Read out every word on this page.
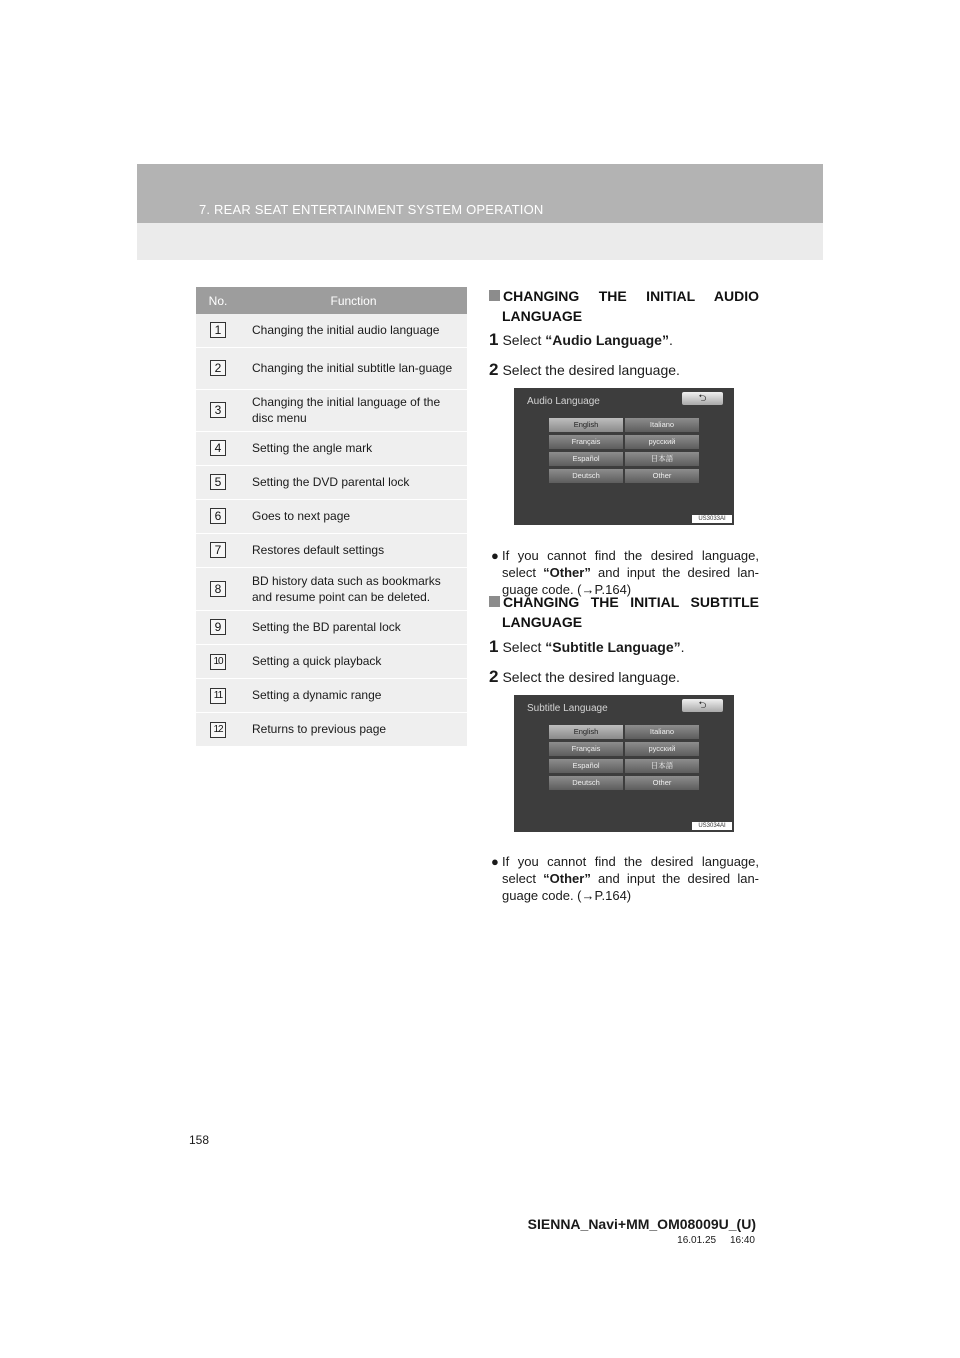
7. REAR SEAT ENTERTAINMENT SYSTEM OPERATION
No.	Function
1	Changing the initial audio language
2	Changing the initial subtitle lan-guage
3	Changing the initial language of the disc menu
4	Setting the angle mark
5	Setting the DVD parental lock
6	Goes to next page
7	Restores default settings
8	BD history data such as bookmarks and resume point can be deleted.
9	Setting the BD parental lock
10	Setting a quick playback
11	Setting a dynamic range
12	Returns to previous page
CHANGING THE INITIAL AUDIO
LANGUAGE
1 Select “Audio Language”.
2 Select the desired language.
Audio Language	⮌
English	Italiano
Français	русский
Español	日本語
Deutsch	Other
US3033AI
● If you cannot find the desired language, select “Other” and input the desired lan-guage code. (→P.164)
CHANGING THE INITIAL SUBTITLE
LANGUAGE
1 Select “Subtitle Language”.
2 Select the desired language.
Subtitle Language	⮌
English	Italiano
Français	русский
Español	日本語
Deutsch	Other
US3034AI
● If you cannot find the desired language, select “Other” and input the desired lan-guage code. (→P.164)
158
SIENNA_Navi+MM_OM08009U_(U)
16.01.25     16:40
